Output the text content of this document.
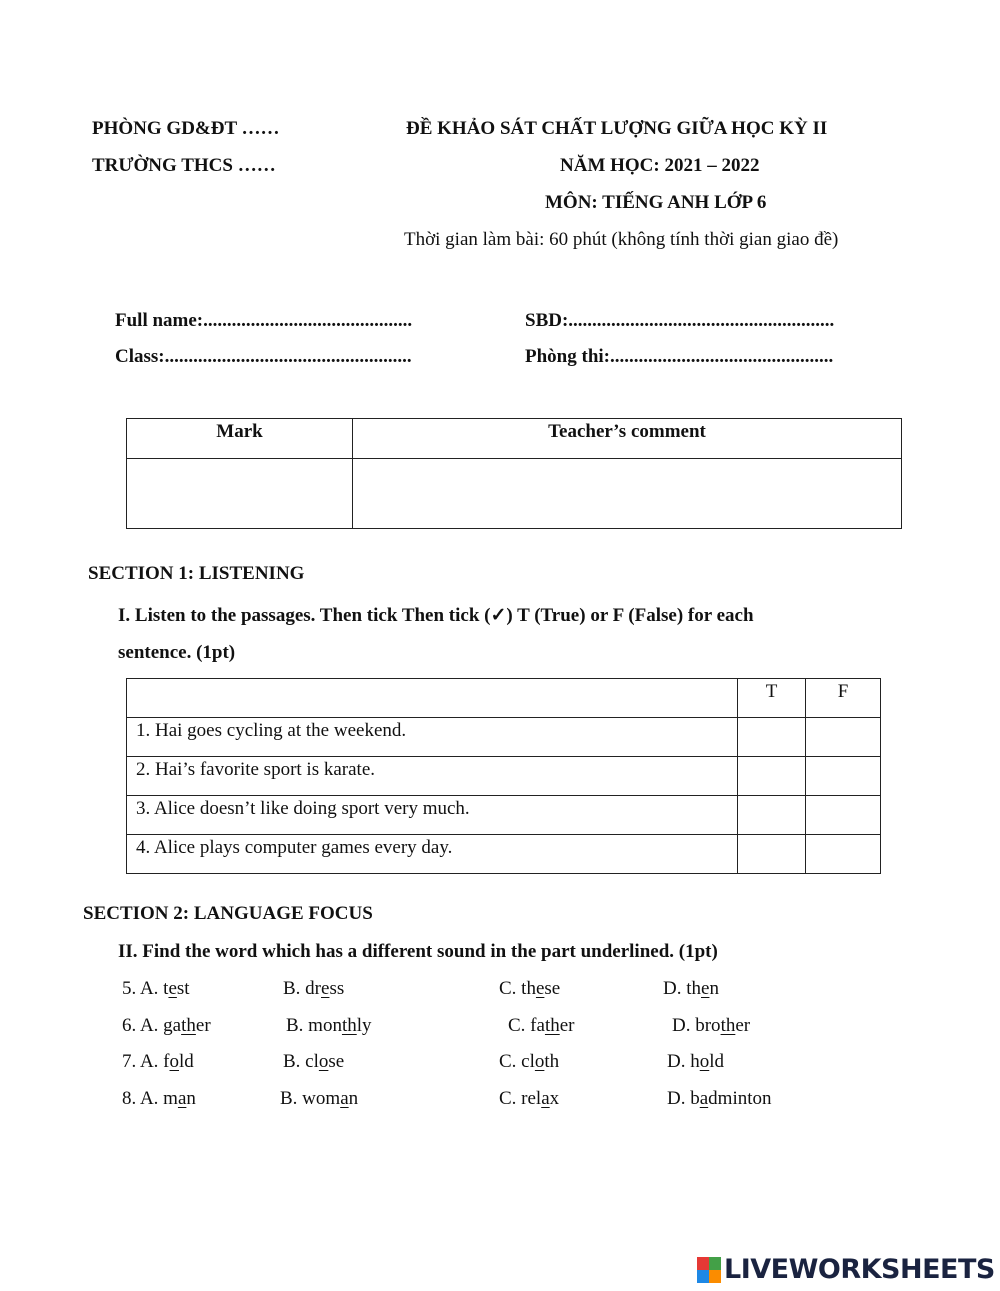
PHÒNG GD&ĐT ……
TRƯỜNG THCS ……
ĐỀ KHẢO SÁT CHẤT LƯỢNG GIỮA HỌC KỲ II
NĂM HỌC: 2021 – 2022
MÔN: TIẾNG ANH LỚP 6
Thời gian làm bài: 60 phút (không tính thời gian giao đề)
Full name:............................................	SBD:........................................................
Class:....................................................	Phòng thi:...............................................
Mark	Teacher’s comment

SECTION 1: LISTENING
I. Listen to the passages. Then tick Then tick (✓) T (True) or F (False) for each
sentence. (1pt)
	T	F
1. Hai goes cycling at the weekend.		
2. Hai’s favorite sport is karate.		
3. Alice doesn’t like doing sport very much.		
4. Alice plays computer games every day.		
SECTION 2: LANGUAGE FOCUS
II. Find the word which has a different sound in the part underlined. (1pt)
5. A. test	B. dress	C. these	D. then
6. A. gather	B. monthly	C. father	D. brother
7. A. fold	B. close	C. cloth	D. hold
8. A. man	B. woman	C. relax	D. badminton
LIVEWORKSHEETS
